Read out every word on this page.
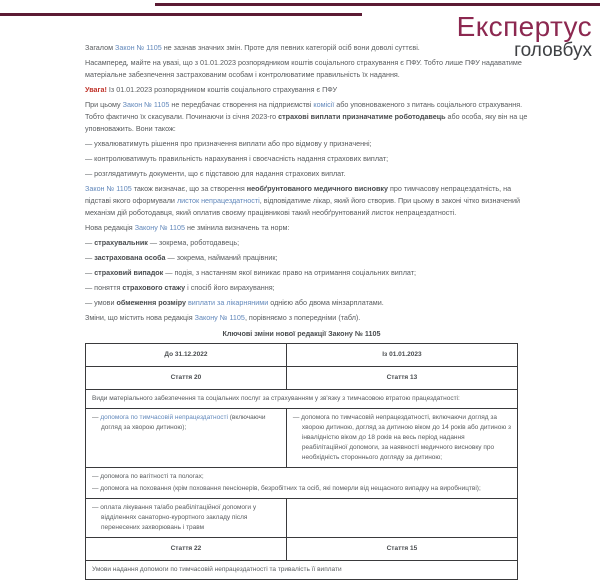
Експертус
головбух

Загалом Закон № 1105 не зазнав значних змін. Проте для певних категорій осіб вони доволі суттєві.

Насамперед, майте на увазі, що з 01.01.2023 розпорядником коштів соціального страхування є ПФУ. Тобто лише ПФУ надаватиме матеріальне забезпечення застрахованим особам і контролюватиме правильність їх надання.

Увага! Із 01.01.2023 розпорядником коштів соціального страхування є ПФУ

При цьому Закон № 1105 не передбачає створення на підприємстві комісії або уповноваженого з питань соціального страхування. Тобто фактично їх скасували. Починаючи із січня 2023-го страхові виплати призначатиме роботодавець або особа, яку він на це уповноважить. Вони також:

— ухвалюватимуть рішення про призначення виплати або про відмову у призначенні;

— контролюватимуть правильність нарахування і своєчасність надання страхових виплат;

— розглядатимуть документи, що є підставою для надання страхових виплат.

Закон № 1105 також визначає, що за створення необґрунтованого медичного висновку про тимчасову непрацездатність, на підставі якого оформували листок непрацездатності, відповідатиме лікар, який його створив. При цьому в законі чітко визначений механізм дій роботодавця, який оплатив своєму працівникові такий необґрунтований листок непрацездатності.

Нова редакція Закону № 1105 не змінила визначень та норм:

— страхувальник — зокрема, роботодавець;

— застрахована особа — зокрема, найманий працівник;

— страховий випадок — подія, з настанням якої виникає право на отримання соціальних виплат;

— поняття страхового стажу і спосіб його вирахування;

— умови обмеження розміру виплати за лікарняними однією або двома мінзарплатами.

Зміни, що містить нова редакція Закону № 1105, порівняємо з попередніми (табл).

Ключові зміни нової редакції Закону № 1105
До 31.12.2022	Із 01.01.2023
Стаття 20	Стаття 13
Види матеріального забезпечення та соціальних послуг за страхуванням у зв'язку з тимчасовою втратою працездатності:	

— допомога по тимчасовій непрацездатності (включаючи догляд за хворою дитиною);	— допомога по тимчасовій непрацездатності, включаючи догляд за хворою дитиною, догляд за дитиною віком до 14 років або дитиною з інвалідністю віком до 18 років на весь період надання реабілітаційної допомоги, за наявності медичного висновку про необхідність стороннього догляду за дитиною;

— допомога по вагітності та пологах;

— допомога на поховання (крім поховання пенсіонерів, безробітних та осіб, які померли від нещасного випадку на виробництві);	

— оплата лікування та/або реабілітаційної допомоги у відділеннях санаторно-курортного закладу після перенесених захворювань і травм	

Стаття 22	Стаття 15
Умови надання допомоги по тимчасовій непрацездатності та тривалість її виплати	
